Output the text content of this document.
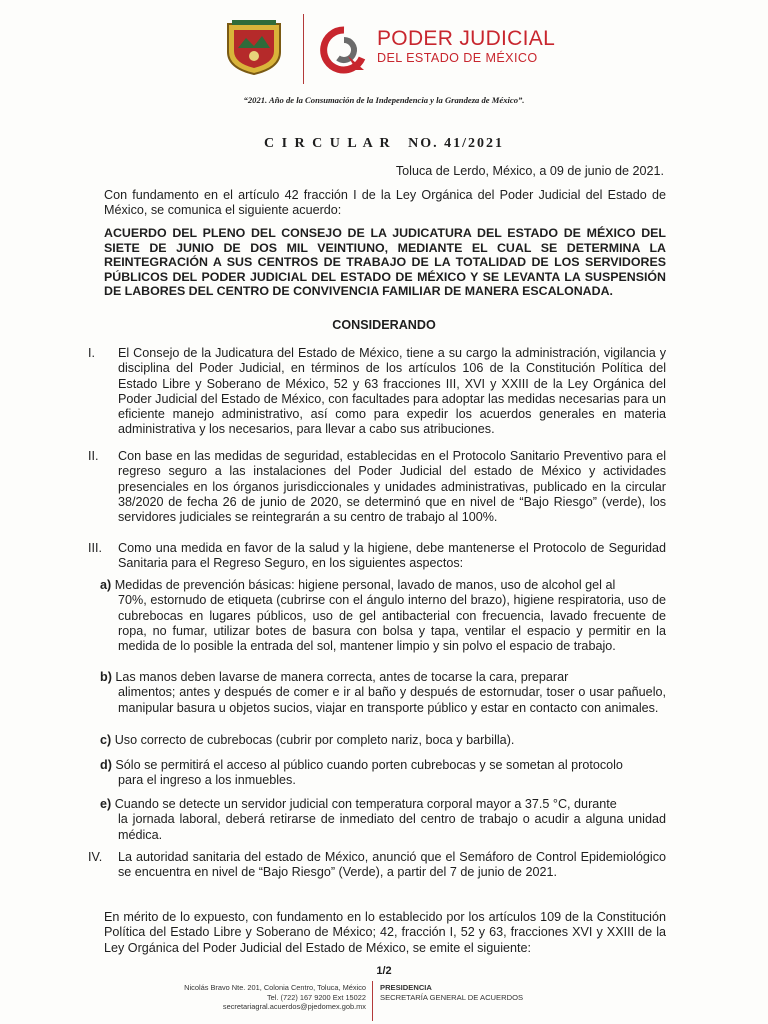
PODER JUDICIAL
DEL ESTADO DE MÉXICO
“2021. Año de la Consumación de la Independencia y la Grandeza de México”.
C I R C U L A R   NO. 41/2021
Toluca de Lerdo, México, a 09 de junio de 2021.

Con fundamento en el artículo 42 fracción I de la Ley Orgánica del Poder Judicial del Estado de México, se comunica el siguiente acuerdo:

ACUERDO DEL PLENO DEL CONSEJO DE LA JUDICATURA DEL ESTADO DE MÉXICO DEL SIETE DE JUNIO DE DOS MIL VEINTIUNO, MEDIANTE EL CUAL SE DETERMINA LA REINTEGRACIÓN A SUS CENTROS DE TRABAJO DE LA TOTALIDAD DE LOS SERVIDORES PÚBLICOS DEL PODER JUDICIAL DEL ESTADO DE MÉXICO Y SE LEVANTA LA SUSPENSIÓN DE LABORES DEL CENTRO DE CONVIVENCIA FAMILIAR DE MANERA ESCALONADA.

CONSIDERANDO
I. El Consejo de la Judicatura del Estado de México, tiene a su cargo la administración, vigilancia y disciplina del Poder Judicial, en términos de los artículos 106 de la Constitución Política del Estado Libre y Soberano de México, 52 y 63 fracciones III, XVI y XXIII de la Ley Orgánica del Poder Judicial del Estado de México, con facultades para adoptar las medidas necesarias para un eficiente manejo administrativo, así como para expedir los acuerdos generales en materia administrativa y los necesarios, para llevar a cabo sus atribuciones.
II. Con base en las medidas de seguridad, establecidas en el Protocolo Sanitario Preventivo para el regreso seguro a las instalaciones del Poder Judicial del estado de México y actividades presenciales en los órganos jurisdiccionales y unidades administrativas, publicado en la circular 38/2020 de fecha 26 de junio de 2020, se determinó que en nivel de “Bajo Riesgo” (verde), los servidores judiciales se reintegrarán a su centro de trabajo al 100%.
III. Como una medida en favor de la salud y la higiene, debe mantenerse el Protocolo de Seguridad Sanitaria para el Regreso Seguro, en los siguientes aspectos:

a) Medidas de prevención básicas: higiene personal, lavado de manos, uso de alcohol gel al
70%, estornudo de etiqueta (cubrirse con el ángulo interno del brazo), higiene respiratoria, uso de cubrebocas en lugares públicos, uso de gel antibacterial con frecuencia, lavado frecuente de ropa, no fumar, utilizar botes de basura con bolsa y tapa, ventilar el espacio y permitir en la medida de lo posible la entrada del sol, mantener limpio y sin polvo el espacio de trabajo.

b) Las manos deben lavarse de manera correcta, antes de tocarse la cara, preparar
alimentos; antes y después de comer e ir al baño y después de estornudar, toser o usar pañuelo, manipular basura u objetos sucios, viajar en transporte público y estar en contacto con animales.

c) Uso correcto de cubrebocas (cubrir por completo nariz, boca y barbilla).

d) Sólo se permitirá el acceso al público cuando porten cubrebocas y se sometan al protocolo
para el ingreso a los inmuebles.

e) Cuando se detecte un servidor judicial con temperatura corporal mayor a 37.5 °C, durante
la jornada laboral, deberá retirarse de inmediato del centro de trabajo o acudir a alguna unidad médica.

IV. La autoridad sanitaria del estado de México, anunció que el Semáforo de Control Epidemiológico se encuentra en nivel de “Bajo Riesgo” (Verde), a partir del 7 de junio de 2021.

En mérito de lo expuesto, con fundamento en lo establecido por los artículos 109 de la Constitución Política del Estado Libre y Soberano de México; 42, fracción I, 52 y 63, fracciones XVI y XXIII de la Ley Orgánica del Poder Judicial del Estado de México, se emite el siguiente:

1/2
Nicolás Bravo Nte. 201, Colonia Centro, Toluca, México
Tel. (722) 167 9200 Ext 15022
secretariagral.acuerdos@pjedomex.gob.mx
PRESIDENCIA
SECRETARÍA GENERAL DE ACUERDOS
